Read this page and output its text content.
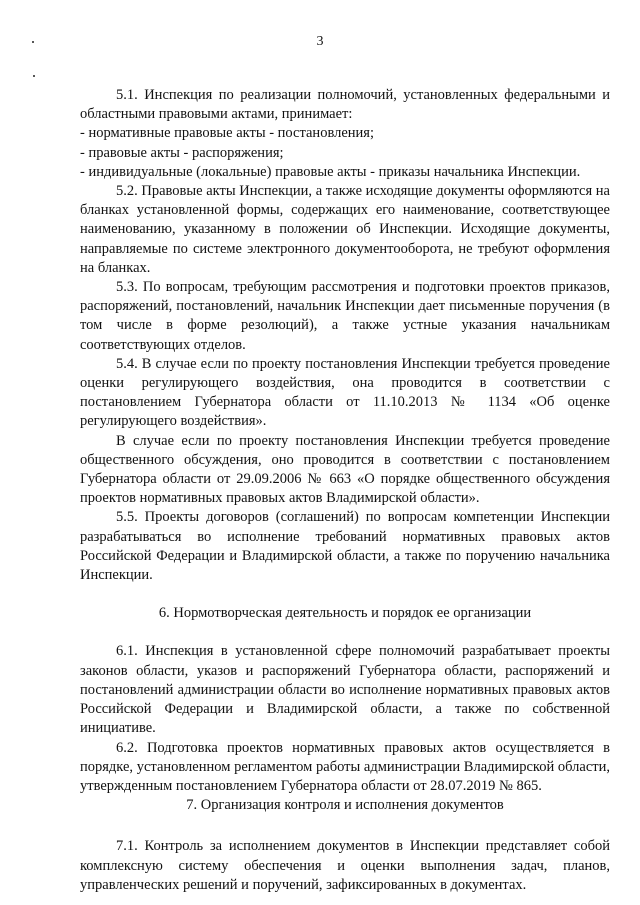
3

5.1. Инспекция по реализации полномочий, установленных федеральными и областными правовыми актами, принимает:

- нормативные правовые акты - постановления;

- правовые акты - распоряжения;

- индивидуальные (локальные) правовые акты - приказы начальника Инспекции.

5.2. Правовые акты Инспекции, а также исходящие документы оформляются на бланках установленной формы, содержащих его наименование, соответствующее наименованию, указанному в положении об Инспекции. Исходящие документы, направляемые по системе электронного документооборота, не требуют оформления на бланках.

5.3. По вопросам, требующим рассмотрения и подготовки проектов приказов, распоряжений, постановлений, начальник Инспекции дает письменные поручения (в том числе в форме резолюций), а также устные указания начальникам соответствующих отделов.

5.4. В случае если по проекту постановления Инспекции требуется проведение оценки регулирующего воздействия, она проводится в соответствии с постановлением Губернатора области от 11.10.2013 № 1134 «Об оценке регулирующего воздействия».

В случае если по проекту постановления Инспекции требуется проведение общественного обсуждения, оно проводится в соответствии с постановлением Губернатора области от 29.09.2006 № 663 «О порядке общественного обсуждения проектов нормативных правовых актов Владимирской области».

5.5. Проекты договоров (соглашений) по вопросам компетенции Инспекции разрабатываться во исполнение требований нормативных правовых актов Российской Федерации и Владимирской области, а также по поручению начальника Инспекции.

6. Нормотворческая деятельность и порядок ее организации

6.1. Инспекция в установленной сфере полномочий разрабатывает проекты законов области, указов и распоряжений Губернатора области, распоряжений и постановлений администрации области во исполнение нормативных правовых актов Российской Федерации и Владимирской области, а также по собственной инициативе.

6.2. Подготовка проектов нормативных правовых актов осуществляется в порядке, установленном регламентом работы администрации Владимирской области, утвержденным постановлением Губернатора области от 28.07.2019 № 865.

7. Организация контроля и исполнения документов

7.1. Контроль за исполнением документов в Инспекции представляет собой комплексную систему обеспечения и оценки выполнения задач, планов, управленческих решений и поручений, зафиксированных в документах.
